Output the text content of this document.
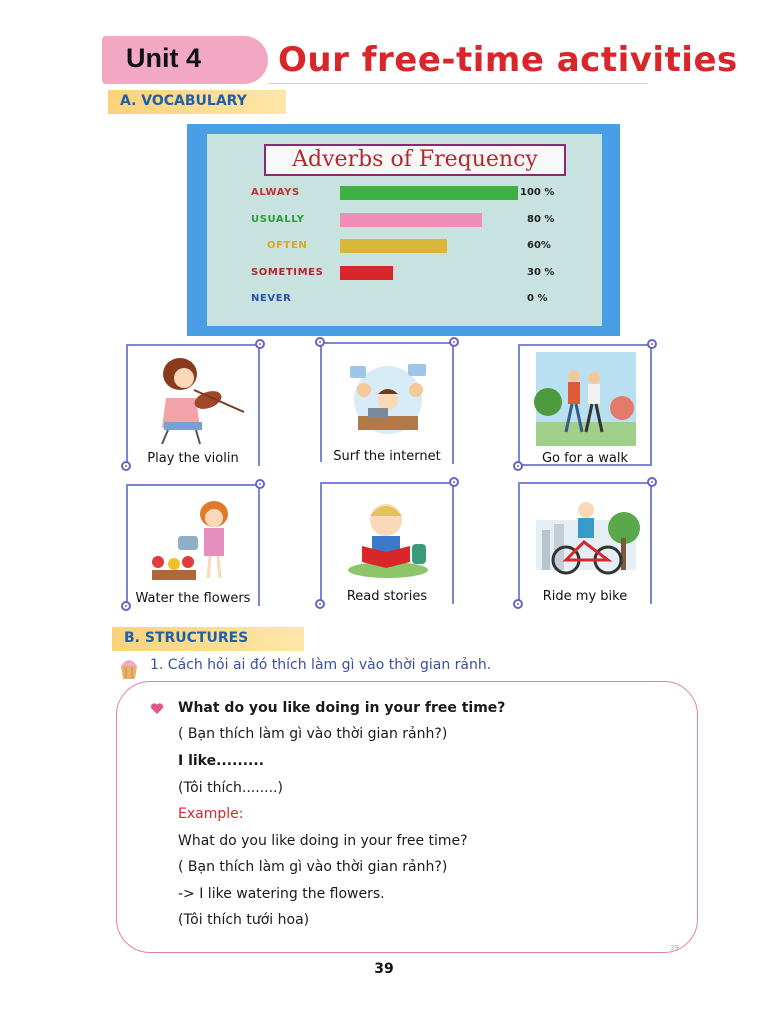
Unit 4 Our free-time activities
A. VOCABULARY
Adverbs of Frequency
ALWAYS	100 %
USUALLY	80 %
OFTEN	60%
SOMETIMES	30 %
NEVER	0 %
Play the violin	Surf the internet	Go for a walk
Water the flowers	Read stories	Ride my bike
B. STRUCTURES
1. Cách hỏi ai đó thích làm gì vào thời gian rảnh.
What do you like doing in your free time?
( Bạn thích làm gì vào thời gian rảnh?)
I like.........
(Tôi thích........)
Example:
What do you like doing in your free time?
( Bạn thích làm gì vào thời gian rảnh?)
-> I like watering the flowers.
(Tôi thích tưới hoa)
39
39
